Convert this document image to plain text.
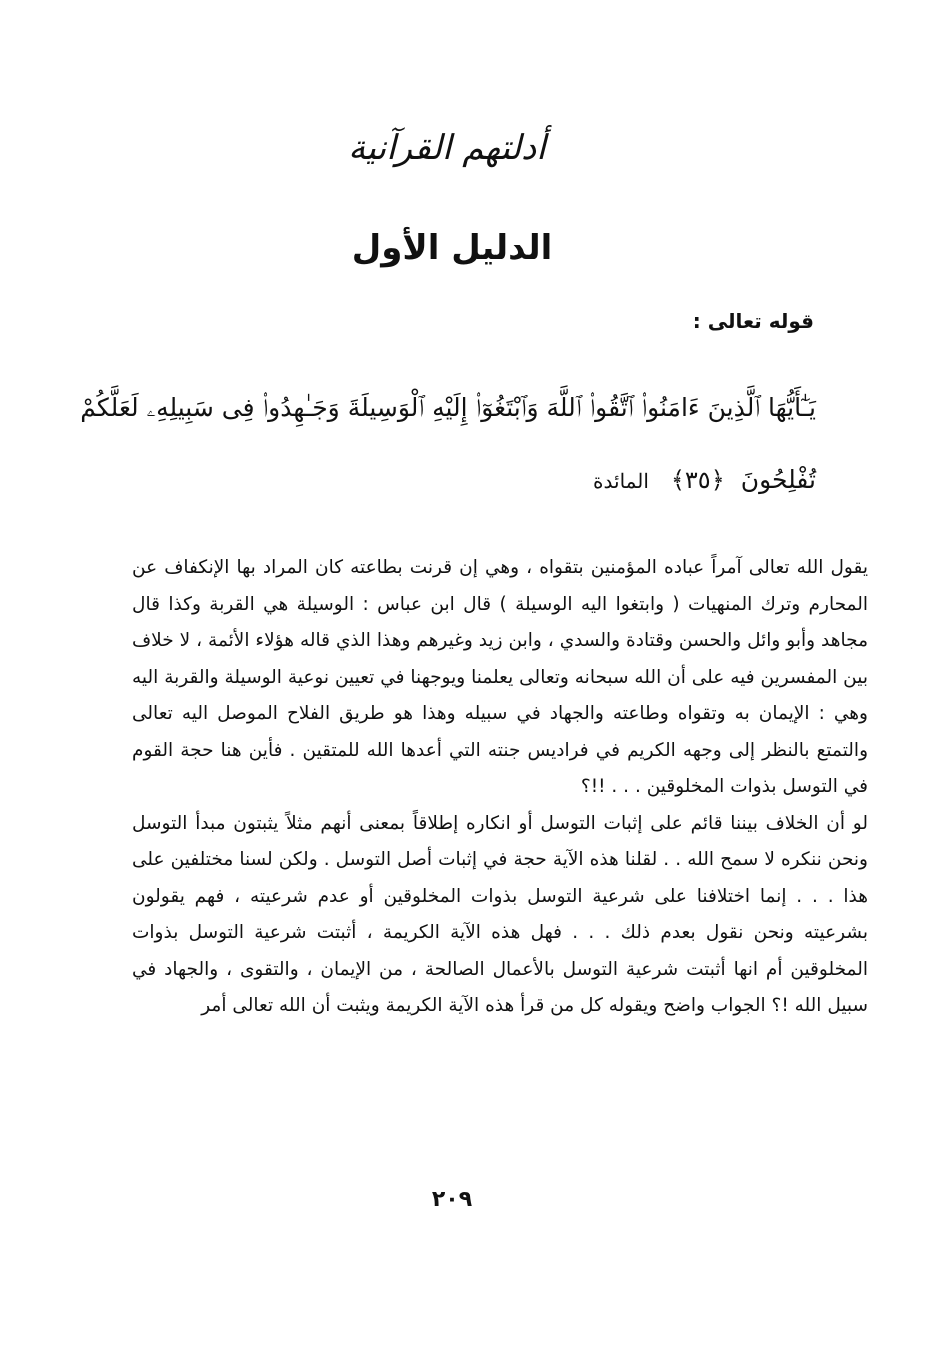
أدلتهم القرآنية
الدليل الأول
قوله تعالى :
يَـٰٓأَيُّهَا ٱلَّذِينَ ءَامَنُوا۟ ٱتَّقُوا۟ ٱللَّهَ وَٱبْتَغُوٓا۟ إِلَيْهِ ٱلْوَسِيلَةَ وَجَـٰهِدُوا۟ فِى سَبِيلِهِۦ لَعَلَّكُمْ
تُفْلِحُونَ ﴿٣٥﴾ المائدة

يقول الله تعالى آمراً عباده المؤمنين بتقواه ، وهي إن قرنت بطاعته كان المراد بها الإنكفاف عن المحارم وترك المنهيات ( وابتغوا اليه الوسيلة ) قال ابن عباس : الوسيلة هي القربة وكذا قال مجاهد وأبو وائل والحسن وقتادة والسدي ، وابن زيد وغيرهم وهذا الذي قاله هؤلاء الأئمة ، لا خلاف بين المفسرين فيه على أن الله سبحانه وتعالى يعلمنا ويوجهنا في تعيين نوعية الوسيلة والقربة اليه وهي : الإيمان به وتقواه وطاعته والجهاد في سبيله وهذا هو طريق الفلاح الموصل اليه تعالى والتمتع بالنظر إلى وجهه الكريم في فراديس جنته التي أعدها الله للمتقين . فأين هنا حجة القوم في التوسل بذوات المخلوقين . . . !!؟

لو أن الخلاف بيننا قائم على إثبات التوسل أو انكاره إطلاقاً بمعنى أنهم مثلاً يثبتون مبدأ التوسل ونحن ننكره لا سمح الله . . لقلنا هذه الآية حجة في إثبات أصل التوسل . ولكن لسنا مختلفين على هذا . . . إنما اختلافنا على شرعية التوسل بذوات المخلوقين أو عدم شرعيته ، فهم يقولون بشرعيته ونحن نقول بعدم ذلك . . . فهل هذه الآية الكريمة ، أثبتت شرعية التوسل بذوات المخلوقين أم انها أثبتت شرعية التوسل بالأعمال الصالحة ، من الإيمان ، والتقوى ، والجهاد في سبيل الله !؟ الجواب واضح ويقوله كل من قرأ هذه الآية الكريمة ويثبت أن الله تعالى أمر

٢٠٩
